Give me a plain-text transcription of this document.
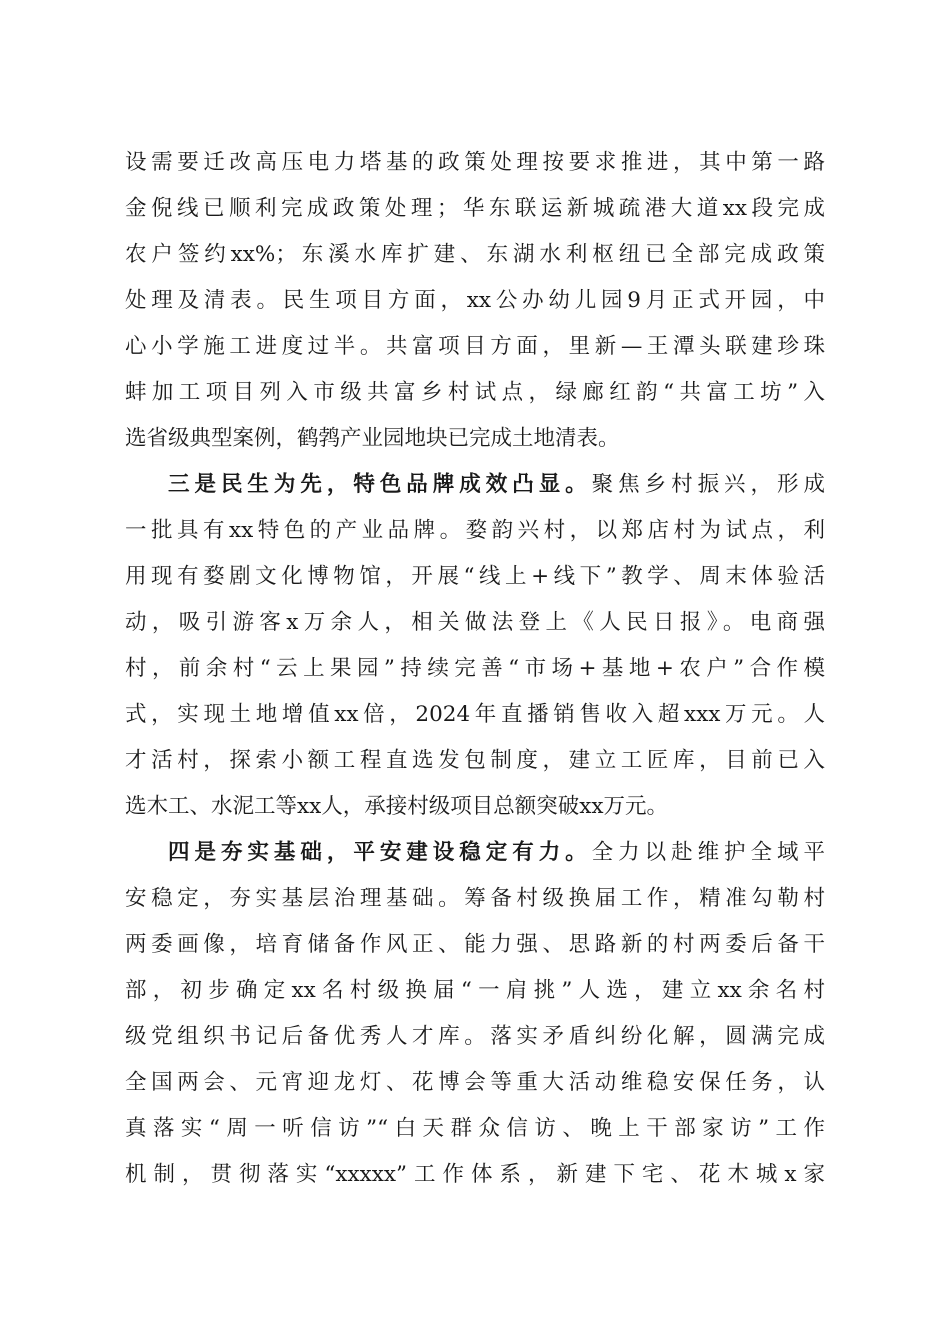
设需要迁改高压电力塔基的政策处理按要求推进，其中第一路
金倪线已顺利完成政策处理；华东联运新城疏港大道xx段完成
农户签约xx%；东溪水库扩建、东湖水利枢纽已全部完成政策
处理及清表。民生项目方面，xx公办幼儿园9月正式开园，中
心小学施工进度过半。共富项目方面，里新—王潭头联建珍珠
蚌加工项目列入市级共富乡村试点，绿廊红韵“共富工坊”入
选省级典型案例，鹤鹁产业园地块已完成土地清表。
三是民生为先，特色品牌成效凸显。聚焦乡村振兴，形成
一批具有xx特色的产业品牌。婺韵兴村，以郑店村为试点，利
用现有婺剧文化博物馆，开展“线上+线下”教学、周末体验活
动，吸引游客x万余人，相关做法登上《人民日报》。电商强
村，前余村“云上果园”持续完善“市场+基地+农户”合作模
式，实现土地增值xx倍，2024年直播销售收入超xxx万元。人
才活村，探索小额工程直选发包制度，建立工匠库，目前已入
选木工、水泥工等xx人，承接村级项目总额突破xx万元。
四是夯实基础，平安建设稳定有力。全力以赴维护全域平
安稳定，夯实基层治理基础。筹备村级换届工作，精准勾勒村
两委画像，培育储备作风正、能力强、思路新的村两委后备干
部，初步确定xx名村级换届“一肩挑”人选，建立xx余名村
级党组织书记后备优秀人才库。落实矛盾纠纷化解，圆满完成
全国两会、元宵迎龙灯、花博会等重大活动维稳安保任务，认
真落实“周一听信访”“白天群众信访、晚上干部家访”工作
机制，贯彻落实“xxxxx”工作体系，新建下宅、花木城x家
